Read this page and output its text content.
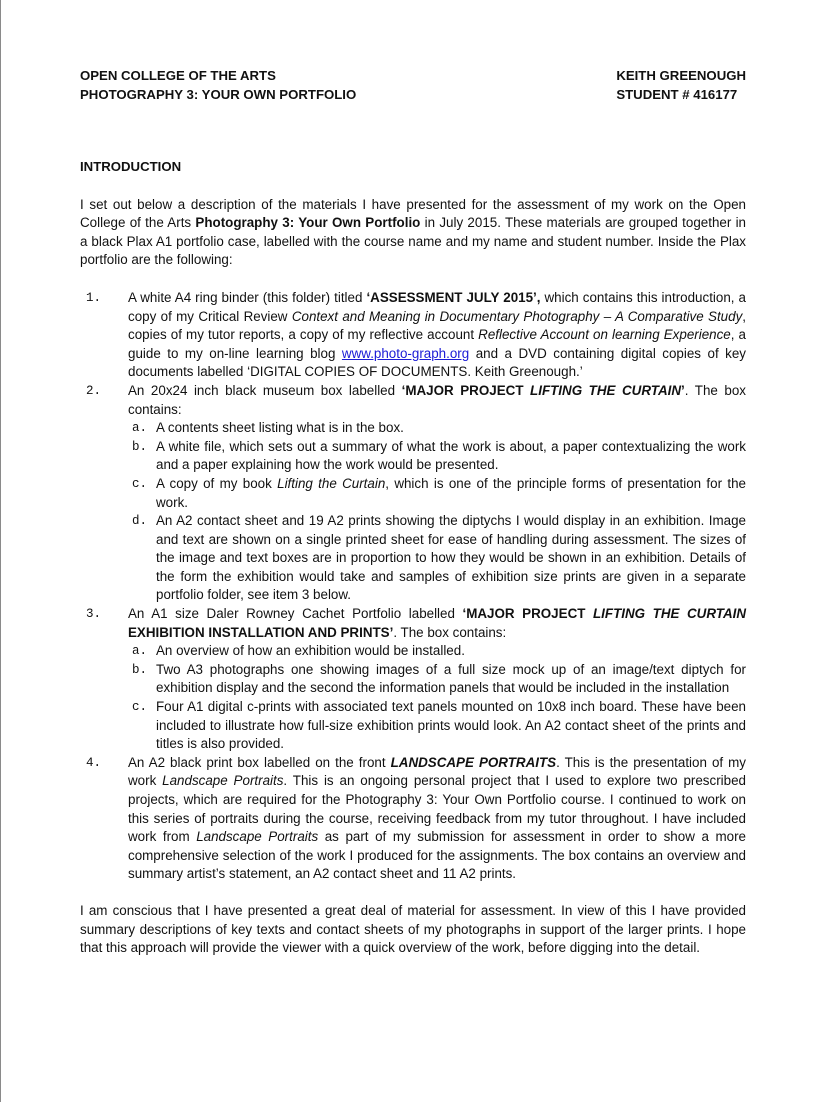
OPEN COLLEGE OF THE ARTS
PHOTOGRAPHY 3: YOUR OWN PORTFOLIO
KEITH GREENOUGH
STUDENT # 416177
INTRODUCTION

I set out below a description of the materials I have presented for the assessment of my work on the Open College of the Arts Photography 3: Your Own Portfolio in July 2015. These materials are grouped together in a black Plax A1 portfolio case, labelled with the course name and my name and student number. Inside the Plax portfolio are the following:

1. A white A4 ring binder (this folder) titled ‘ASSESSMENT JULY 2015’, which contains this introduction, a copy of my Critical Review Context and Meaning in Documentary Photography – A Comparative Study, copies of my tutor reports, a copy of my reflective account Reflective Account on learning Experience, a guide to my on-line learning blog www.photo-graph.org and a DVD containing digital copies of key documents labelled ‘DIGITAL COPIES OF DOCUMENTS. Keith Greenough.’
2. An 20x24 inch black museum box labelled ‘MAJOR PROJECT LIFTING THE CURTAIN’. The box contains:
a. A contents sheet listing what is in the box.
b. A white file, which sets out a summary of what the work is about, a paper contextualizing the work and a paper explaining how the work would be presented.
c. A copy of my book Lifting the Curtain, which is one of the principle forms of presentation for the work.
d. An A2 contact sheet and 19 A2 prints showing the diptychs I would display in an exhibition. Image and text are shown on a single printed sheet for ease of handling during assessment. The sizes of the image and text boxes are in proportion to how they would be shown in an exhibition. Details of the form the exhibition would take and samples of exhibition size prints are given in a separate portfolio folder, see item 3 below.
3. An A1 size Daler Rowney Cachet Portfolio labelled ‘MAJOR PROJECT LIFTING THE CURTAIN EXHIBITION INSTALLATION AND PRINTS’. The box contains:
a. An overview of how an exhibition would be installed.
b. Two A3 photographs one showing images of a full size mock up of an image/text diptych for exhibition display and the second the information panels that would be included in the installation
c. Four A1 digital c-prints with associated text panels mounted on 10x8 inch board. These have been included to illustrate how full-size exhibition prints would look. An A2 contact sheet of the prints and titles is also provided.
4. An A2 black print box labelled on the front LANDSCAPE PORTRAITS. This is the presentation of my work Landscape Portraits. This is an ongoing personal project that I used to explore two prescribed projects, which are required for the Photography 3: Your Own Portfolio course. I continued to work on this series of portraits during the course, receiving feedback from my tutor throughout. I have included work from Landscape Portraits as part of my submission for assessment in order to show a more comprehensive selection of the work I produced for the assignments. The box contains an overview and summary artist’s statement, an A2 contact sheet and 11 A2 prints.

I am conscious that I have presented a great deal of material for assessment. In view of this I have provided summary descriptions of key texts and contact sheets of my photographs in support of the larger prints. I hope that this approach will provide the viewer with a quick overview of the work, before digging into the detail.
